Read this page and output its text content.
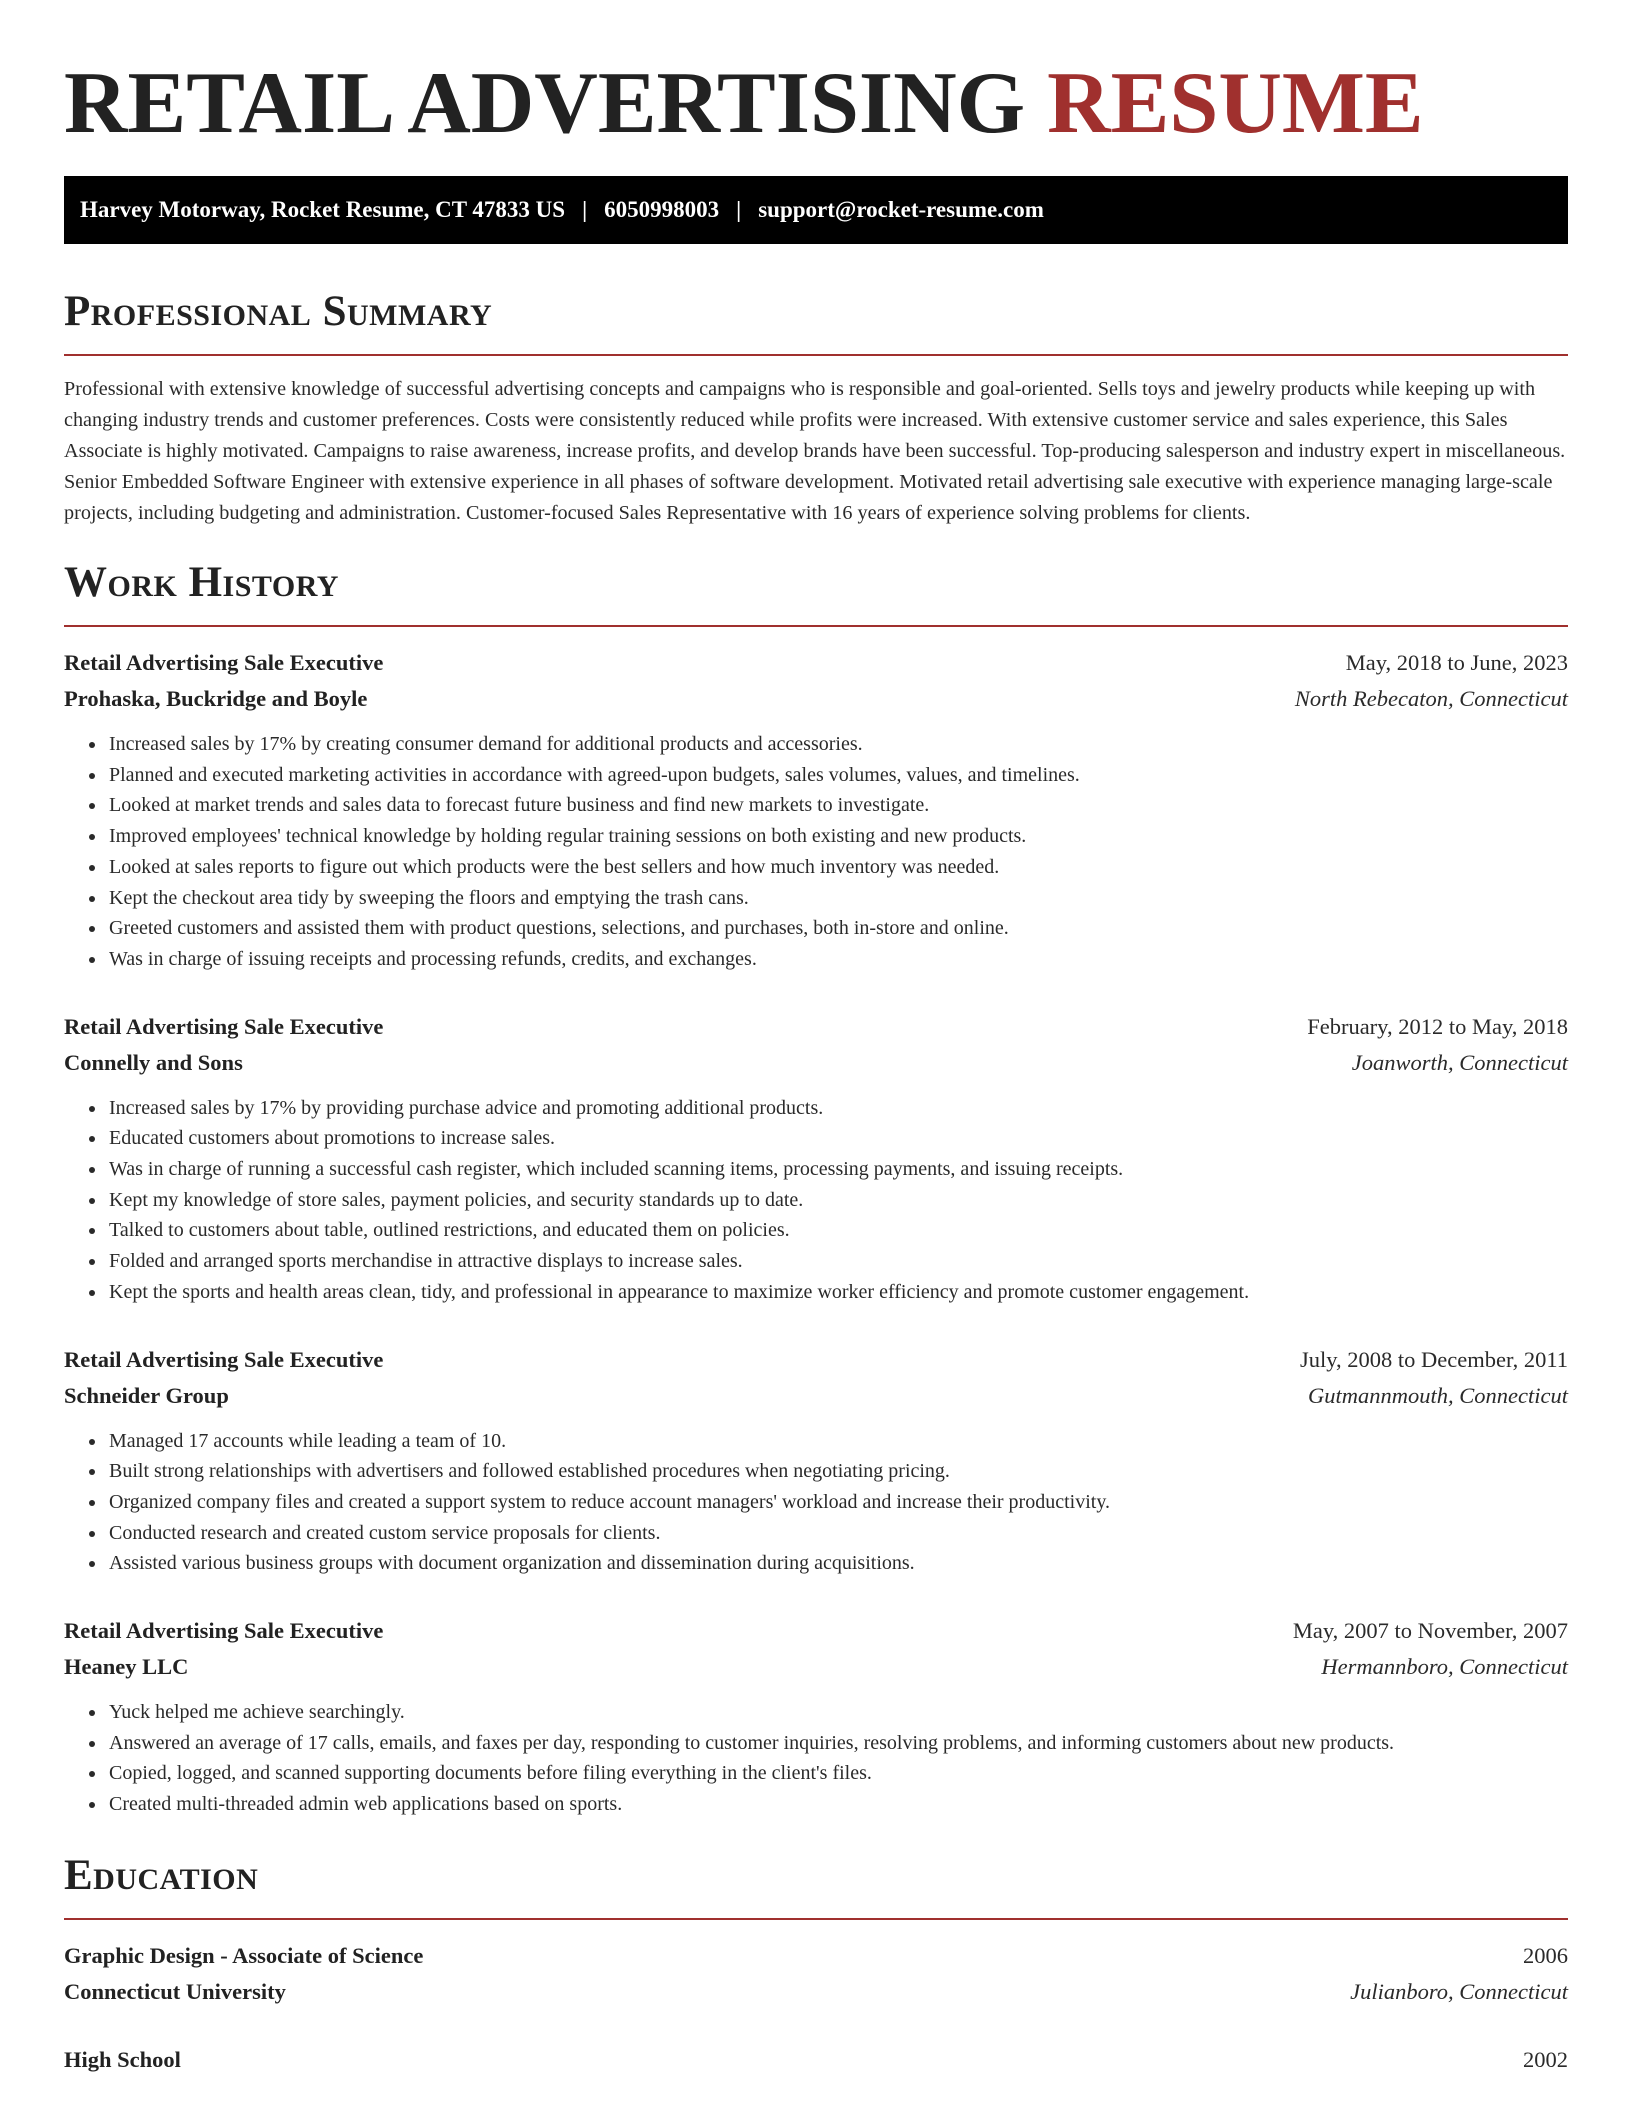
RETAIL ADVERTISING RESUME
Harvey Motorway, Rocket Resume, CT 47833 US | 6050998003 | support@rocket-resume.com
Professional Summary

Professional with extensive knowledge of successful advertising concepts and campaigns who is responsible and goal-oriented. Sells toys and jewelry products while keeping up with changing industry trends and customer preferences. Costs were consistently reduced while profits were increased. With extensive customer service and sales experience, this Sales Associate is highly motivated. Campaigns to raise awareness, increase profits, and develop brands have been successful. Top-producing salesperson and industry expert in miscellaneous. Senior Embedded Software Engineer with extensive experience in all phases of software development. Motivated retail advertising sale executive with experience managing large-scale projects, including budgeting and administration. Customer-focused Sales Representative with 16 years of experience solving problems for clients.

Work History
Retail Advertising Sale Executive	May, 2018 to June, 2023
Prohaska, Buckridge and Boyle	North Rebecaton, Connecticut
• Increased sales by 17% by creating consumer demand for additional products and accessories.
• Planned and executed marketing activities in accordance with agreed-upon budgets, sales volumes, values, and timelines.
• Looked at market trends and sales data to forecast future business and find new markets to investigate.
• Improved employees' technical knowledge by holding regular training sessions on both existing and new products.
• Looked at sales reports to figure out which products were the best sellers and how much inventory was needed.
• Kept the checkout area tidy by sweeping the floors and emptying the trash cans.
• Greeted customers and assisted them with product questions, selections, and purchases, both in-store and online.
• Was in charge of issuing receipts and processing refunds, credits, and exchanges.
Retail Advertising Sale Executive	February, 2012 to May, 2018
Connelly and Sons	Joanworth, Connecticut
• Increased sales by 17% by providing purchase advice and promoting additional products.
• Educated customers about promotions to increase sales.
• Was in charge of running a successful cash register, which included scanning items, processing payments, and issuing receipts.
• Kept my knowledge of store sales, payment policies, and security standards up to date.
• Talked to customers about table, outlined restrictions, and educated them on policies.
• Folded and arranged sports merchandise in attractive displays to increase sales.
• Kept the sports and health areas clean, tidy, and professional in appearance to maximize worker efficiency and promote customer engagement.
Retail Advertising Sale Executive	July, 2008 to December, 2011
Schneider Group	Gutmannmouth, Connecticut
• Managed 17 accounts while leading a team of 10.
• Built strong relationships with advertisers and followed established procedures when negotiating pricing.
• Organized company files and created a support system to reduce account managers' workload and increase their productivity.
• Conducted research and created custom service proposals for clients.
• Assisted various business groups with document organization and dissemination during acquisitions.
Retail Advertising Sale Executive	May, 2007 to November, 2007
Heaney LLC	Hermannboro, Connecticut
• Yuck helped me achieve searchingly.
• Answered an average of 17 calls, emails, and faxes per day, responding to customer inquiries, resolving problems, and informing customers about new products.
• Copied, logged, and scanned supporting documents before filing everything in the client's files.
• Created multi-threaded admin web applications based on sports.
Education
Graphic Design - Associate of Science	2006
Connecticut University	Julianboro, Connecticut
High School	2002
